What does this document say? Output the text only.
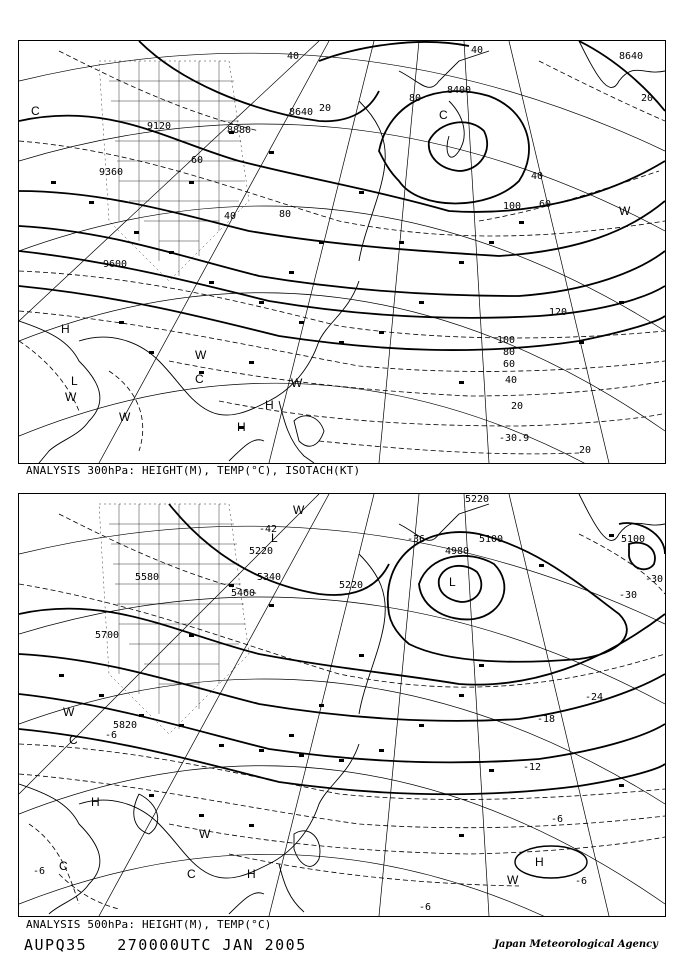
9120	8880
8640
9360
9600
8400
8640
40
40
40	80
40
100 60
120
100
80
60
40
20
20
20
20
60
80
H
H
L	C
W
W
C
W
W
H
W
C
-30.9
ANALYSIS 300hPa: HEIGHT(M), TEMP(°C), ISOTACH(KT)
5220
5100	5100
5220
5340
5460
5580
5700
5820
5220
4980
-42
-36
-30
-30
-24
-18
-12
-6
-6
-6
-6
-6
L
L
W
C
H
W
C	H
H
W
C
W
ANALYSIS 500hPa: HEIGHT(M), TEMP(°C)
AUPQ35 270000UTC JAN 2005	Japan Meteorological Agency
